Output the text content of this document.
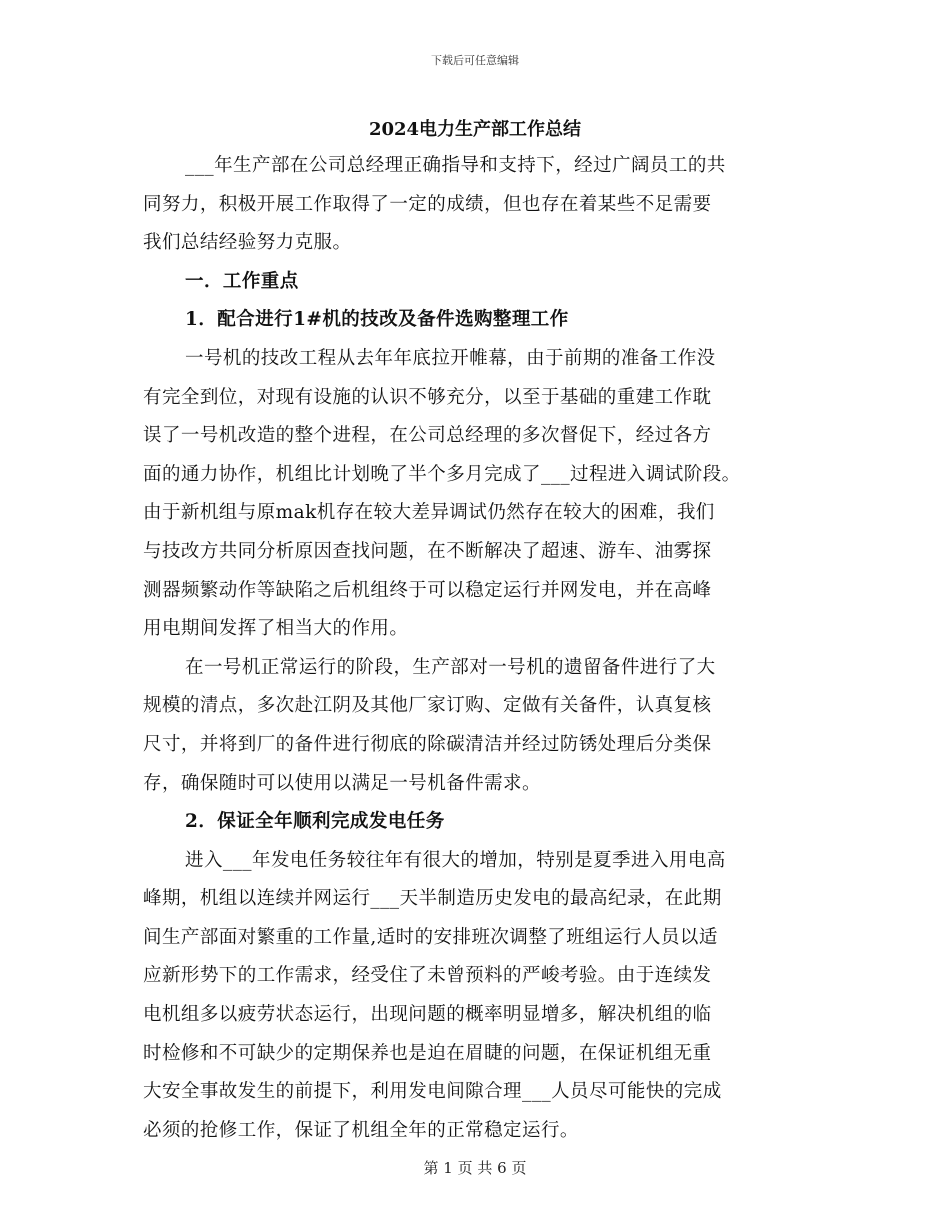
下载后可任意编辑
2024电力生产部工作总结
___年生产部在公司总经理正确指导和支持下，经过广阔员工的共
同努力，积极开展工作取得了一定的成绩，但也存在着某些不足需要
我们总结经验努力克服。
一．工作重点
1．配合进行1#机的技改及备件选购整理工作
一号机的技改工程从去年年底拉开帷幕，由于前期的准备工作没
有完全到位，对现有设施的认识不够充分，以至于基础的重建工作耽
误了一号机改造的整个进程，在公司总经理的多次督促下，经过各方
面的通力协作，机组比计划晚了半个多月完成了___过程进入调试阶段。
由于新机组与原mak机存在较大差异调试仍然存在较大的困难，我们
与技改方共同分析原因查找问题，在不断解决了超速、游车、油雾探
测器频繁动作等缺陷之后机组终于可以稳定运行并网发电，并在高峰
用电期间发挥了相当大的作用。
在一号机正常运行的阶段，生产部对一号机的遗留备件进行了大
规模的清点，多次赴江阴及其他厂家订购、定做有关备件，认真复核
尺寸，并将到厂的备件进行彻底的除碳清洁并经过防锈处理后分类保
存，确保随时可以使用以满足一号机备件需求。
2．保证全年顺利完成发电任务
进入___年发电任务较往年有很大的增加，特别是夏季进入用电高
峰期，机组以连续并网运行___天半制造历史发电的最高纪录，在此期
间生产部面对繁重的工作量,适时的安排班次调整了班组运行人员以适
应新形势下的工作需求，经受住了未曾预料的严峻考验。由于连续发
电机组多以疲劳状态运行，出现问题的概率明显增多，解决机组的临
时检修和不可缺少的定期保养也是迫在眉睫的问题，在保证机组无重
大安全事故发生的前提下，利用发电间隙合理___人员尽可能快的完成
必须的抢修工作，保证了机组全年的正常稳定运行。
第 1 页 共 6 页
